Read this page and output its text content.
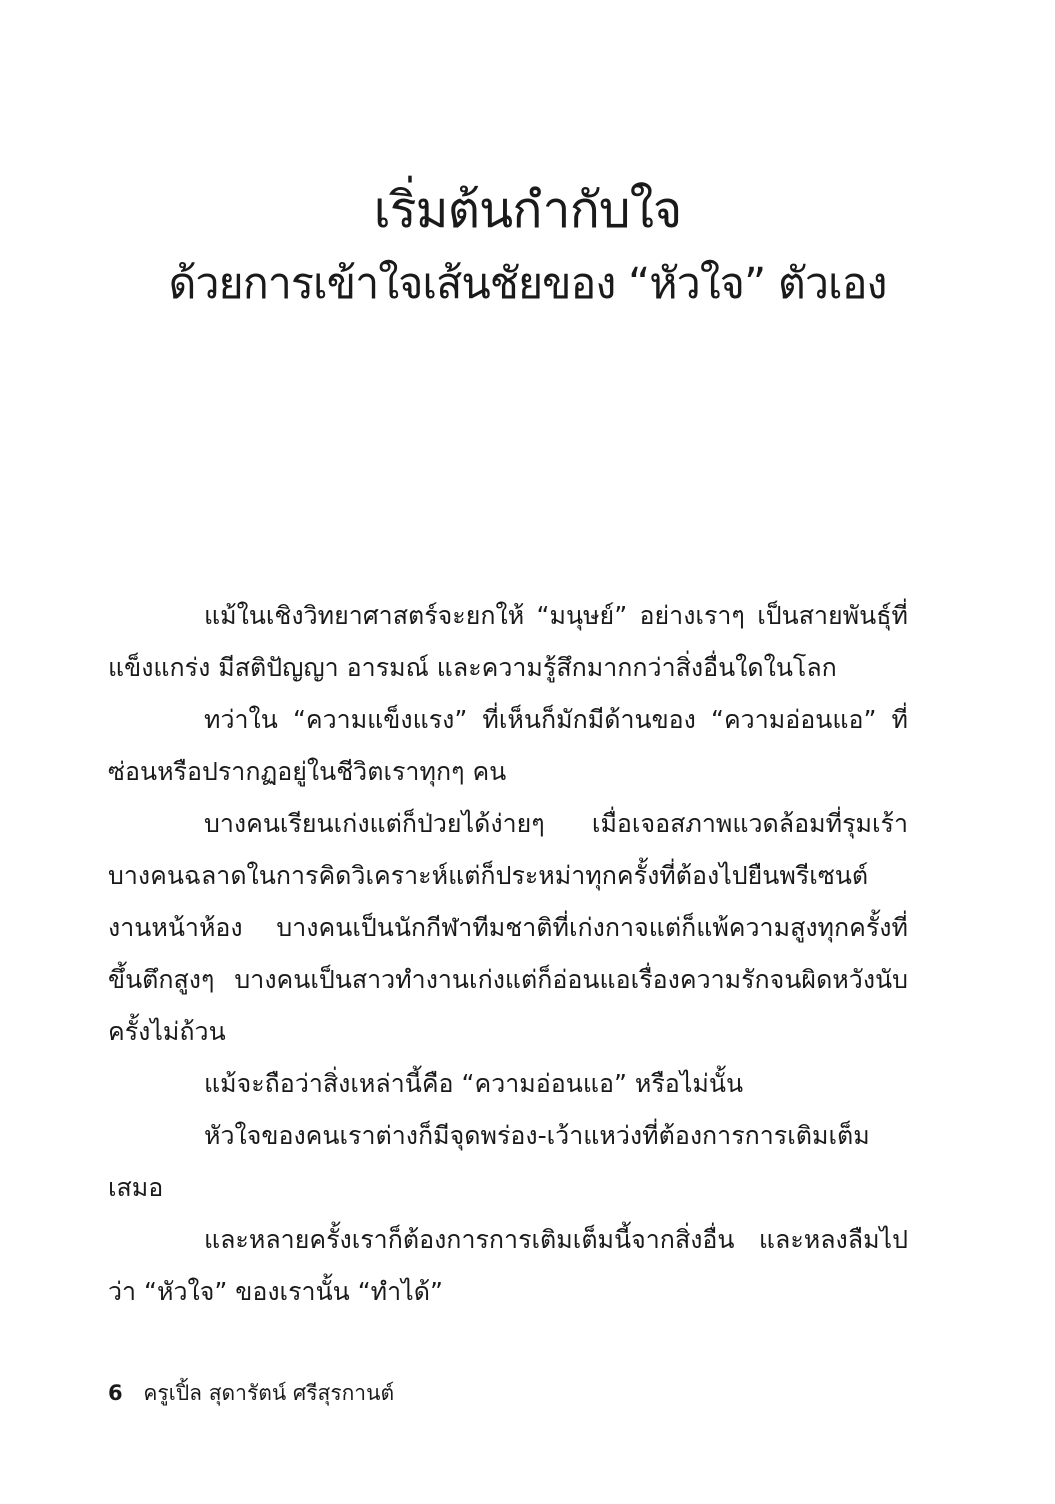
เริ่มต้นกำกับใจ
ด้วยการเข้าใจเส้นชัยของ “หัวใจ” ตัวเอง

แม้ในเชิงวิทยาศาสตร์จะยกให้ “มนุษย์” อย่างเราๆ เป็นสายพันธุ์ที่แข็งแกร่ง มีสติปัญญา อารมณ์ และความรู้สึกมากกว่าสิ่งอื่นใดในโลก

ทว่าใน “ความแข็งแรง” ที่เห็นก็มักมีด้านของ “ความอ่อนแอ” ที่ซ่อนหรือปรากฏอยู่ในชีวิตเราทุกๆ คน

บางคนเรียนเก่งแต่ก็ป่วยได้ง่ายๆ เมื่อเจอสภาพแวดล้อมที่รุมเร้า บางคนฉลาดในการคิดวิเคราะห์แต่ก็ประหม่าทุกครั้งที่ต้องไปยืนพรีเซนต์งานหน้าห้อง บางคนเป็นนักกีฬาทีมชาติที่เก่งกาจแต่ก็แพ้ความสูงทุกครั้งที่ขึ้นตึกสูงๆ บางคนเป็นสาวทำงานเก่งแต่ก็อ่อนแอเรื่องความรักจนผิดหวังนับครั้งไม่ถ้วน

แม้จะถือว่าสิ่งเหล่านี้คือ “ความอ่อนแอ” หรือไม่นั้น

หัวใจของคนเราต่างก็มีจุดพร่อง-เว้าแหว่งที่ต้องการการเติมเต็มเสมอ

และหลายครั้งเราก็ต้องการการเติมเต็มนี้จากสิ่งอื่น และหลงลืมไปว่า “หัวใจ” ของเรานั้น “ทำได้”

6 ครูเปิ้ล สุดารัตน์ ศรีสุรกานต์
